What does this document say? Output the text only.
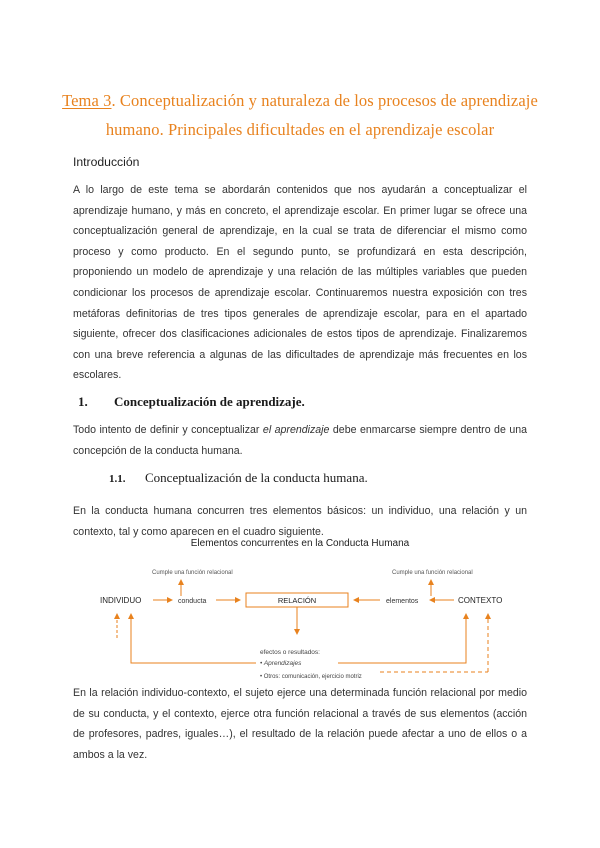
Tema 3. Conceptualización y naturaleza de los procesos de aprendizaje
humano. Principales dificultades en el aprendizaje escolar
Introducción
A lo largo de este tema se abordarán contenidos que nos ayudarán a conceptualizar el aprendizaje humano, y más en concreto, el aprendizaje escolar. En primer lugar se ofrece una conceptualización general de aprendizaje, en la cual se trata de diferenciar el mismo como proceso y como producto. En el segundo punto, se profundizará en esta descripción, proponiendo un modelo de aprendizaje y una relación de las múltiples variables que pueden condicionar los procesos de aprendizaje escolar. Continuaremos nuestra exposición con tres metáforas definitorias de tres tipos generales de aprendizaje escolar, para en el apartado siguiente, ofrecer dos clasificaciones adicionales de estos tipos de aprendizaje. Finalizaremos con una breve referencia a algunas de las dificultades de aprendizaje más frecuentes en los escolares.
1. Conceptualización de aprendizaje.
Todo intento de definir y conceptualizar el aprendizaje debe enmarcarse siempre dentro de una concepción de la conducta humana.
1.1. Conceptualización de la conducta humana.
En la conducta humana concurren tres elementos básicos: un individuo, una relación y un contexto, tal y como aparecen en el cuadro siguiente.
Elementos concurrentes en la Conducta Humana
Cumple una función relacional	Cumple una función relacional
INDIVIDUO	conducta	RELACIÓN	elementos	CONTEXTO
efectos o resultados:
• Aprendizajes
• Otros: comunicación, ejercicio motriz
En la relación individuo-contexto, el sujeto ejerce una determinada función relacional por medio de su conducta, y el contexto, ejerce otra función relacional a través de sus elementos (acción de profesores, padres, iguales…), el resultado de la relación puede afectar a uno de ellos o a ambos a la vez.
